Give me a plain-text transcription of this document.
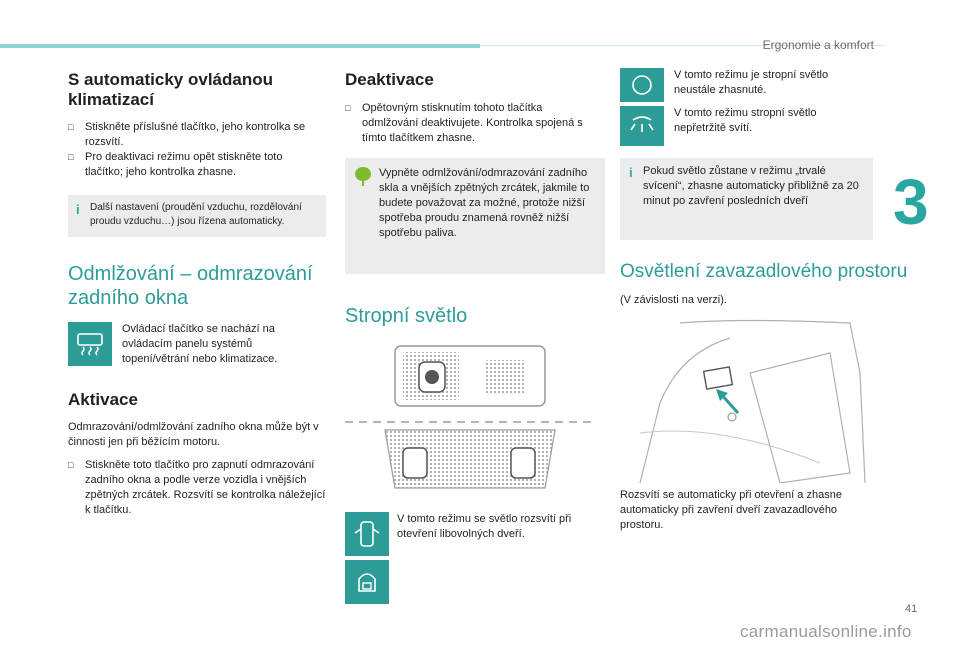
Ergonomie a komfort
3
S automaticky ovládanou
klimatizací
□	Stiskněte příslušné tlačítko, jeho kontrolka se rozsvítí.
□	Pro deaktivaci režimu opět stiskněte toto tlačítko; jeho kontrolka zhasne.
i	Další nastavení (proudění vzduchu, rozdělování proudu vzduchu…) jsou řízena automaticky.

Odmlžování – odmrazování
zadního okna

Ovládací tlačítko se nachází na ovládacím panelu systémů topení/větrání nebo klimatizace.

Aktivace

Odmrazování/odmlžování zadního okna může být v činnosti jen při běžícím motoru.

□	Stiskněte toto tlačítko pro zapnutí odmrazování zadního okna a podle verze vozidla i vnějších zpětných zrcátek. Rozsvítí se kontrolka náležející k tlačítku.
Deaktivace
□	Opětovným stisknutím tohoto tlačítka odmlžování deaktivujete. Kontrolka spojená s tímto tlačítkem zhasne.

Vypněte odmlžování/odmrazování zadního skla a vnějších zpětných zrcátek, jakmile to budete považovat za možné, protože nižší spotřeba proudu znamená rovněž nižší spotřebu paliva.

Stropní světlo

V tomto režimu se světlo rozsvítí při otevření libovolných dveří.

V tomto režimu je stropní světlo neustále zhasnuté.

V tomto režimu stropní světlo nepřetržitě svítí.

i Pokud světlo zůstane v režimu „trvalé svícení“, zhasne automaticky přibližně za 20 minut po zavření posledních dveří

Osvětlení zavazadlového prostoru

(V závislosti na verzi).

Rozsvítí se automaticky při otevření a zhasne automaticky při zavření dveří zavazadlového prostoru.

41
carmanualsonline.info
